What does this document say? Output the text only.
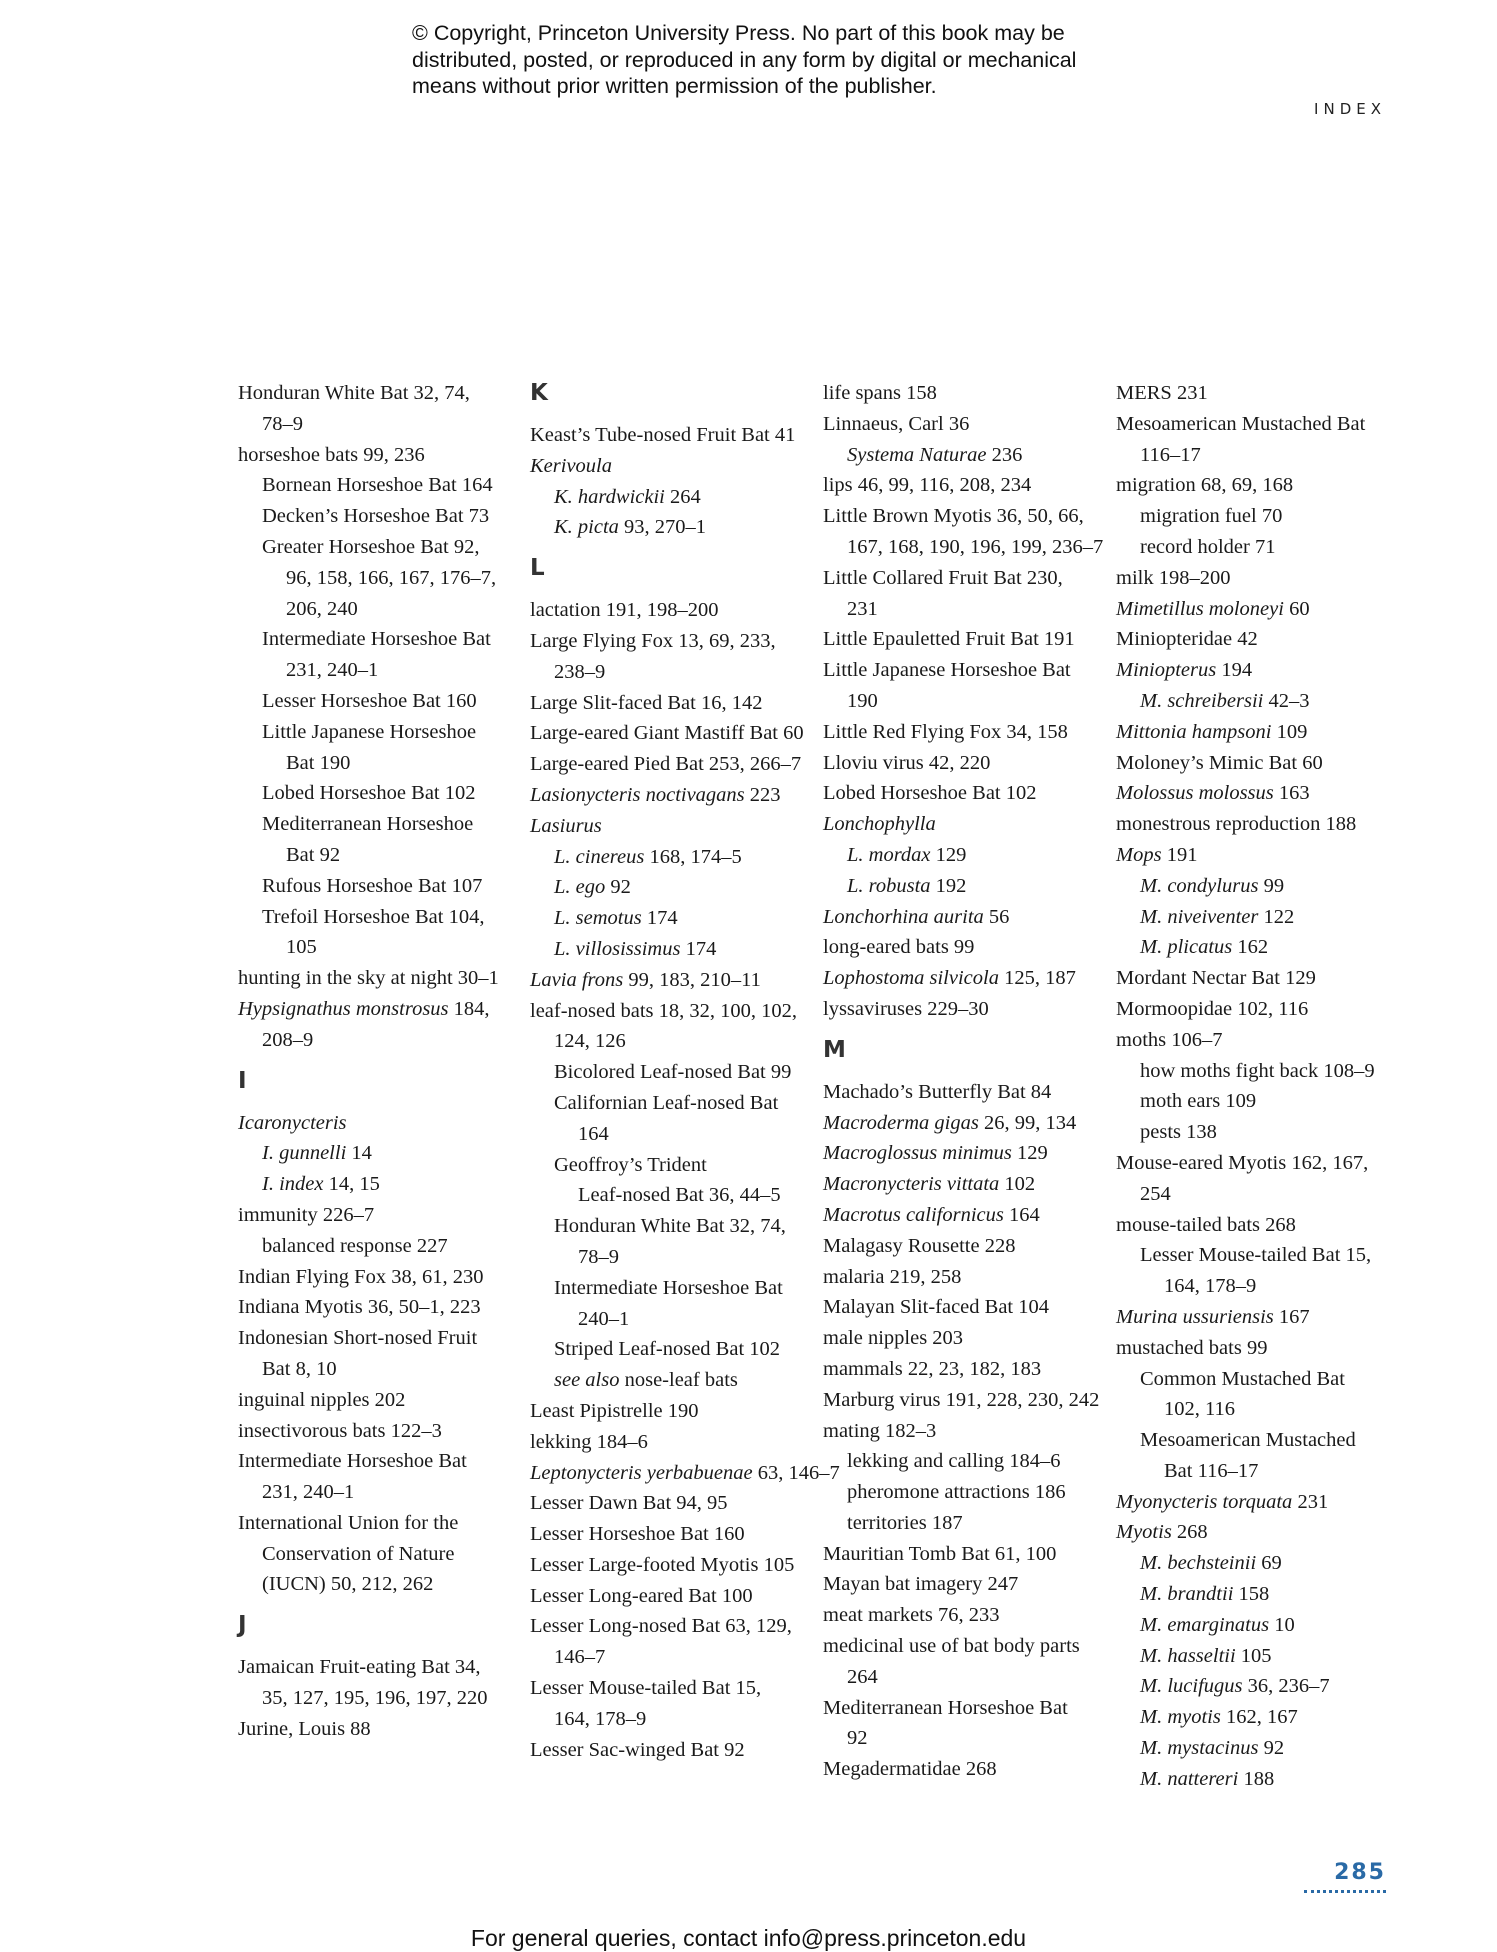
© Copyright, Princeton University Press. No part of this book may be
distributed, posted, or reproduced in any form by digital or mechanical
means without prior written permission of the publisher.
INDEX
Honduran White Bat 32, 74,
78–9
horseshoe bats 99, 236
Bornean Horseshoe Bat 164
Decken’s Horseshoe Bat 73
Greater Horseshoe Bat 92,
96, 158, 166, 167, 176–7,
206, 240
Intermediate Horseshoe Bat
231, 240–1
Lesser Horseshoe Bat 160
Little Japanese Horseshoe
Bat 190
Lobed Horseshoe Bat 102
Mediterranean Horseshoe
Bat 92
Rufous Horseshoe Bat 107
Trefoil Horseshoe Bat 104,
105
hunting in the sky at night 30–1
Hypsignathus monstrosus 184,
208–9
I
Icaronycteris
I. gunnelli 14
I. index 14, 15
immunity 226–7
balanced response 227
Indian Flying Fox 38, 61, 230
Indiana Myotis 36, 50–1, 223
Indonesian Short-nosed Fruit
Bat 8, 10
inguinal nipples 202
insectivorous bats 122–3
Intermediate Horseshoe Bat
231, 240–1
International Union for the
Conservation of Nature
(IUCN) 50, 212, 262
J
Jamaican Fruit-eating Bat 34,
35, 127, 195, 196, 197, 220
Jurine, Louis 88
K
Keast’s Tube-nosed Fruit Bat 41
Kerivoula
K. hardwickii 264
K. picta 93, 270–1
L
lactation 191, 198–200
Large Flying Fox 13, 69, 233,
238–9
Large Slit-faced Bat 16, 142
Large-eared Giant Mastiff Bat 60
Large-eared Pied Bat 253, 266–7
Lasionycteris noctivagans 223
Lasiurus
L. cinereus 168, 174–5
L. ego 92
L. semotus 174
L. villosissimus 174
Lavia frons 99, 183, 210–11
leaf-nosed bats 18, 32, 100, 102,
124, 126
Bicolored Leaf-nosed Bat 99
Californian Leaf-nosed Bat
164
Geoffroy’s Trident
Leaf-nosed Bat 36, 44–5
Honduran White Bat 32, 74,
78–9
Intermediate Horseshoe Bat
240–1
Striped Leaf-nosed Bat 102
see also nose-leaf bats
Least Pipistrelle 190
lekking 184–6
Leptonycteris yerbabuenae 63, 146–7
Lesser Dawn Bat 94, 95
Lesser Horseshoe Bat 160
Lesser Large-footed Myotis 105
Lesser Long-eared Bat 100
Lesser Long-nosed Bat 63, 129,
146–7
Lesser Mouse-tailed Bat 15,
164, 178–9
Lesser Sac-winged Bat 92
life spans 158
Linnaeus, Carl 36
Systema Naturae 236
lips 46, 99, 116, 208, 234
Little Brown Myotis 36, 50, 66,
167, 168, 190, 196, 199, 236–7
Little Collared Fruit Bat 230,
231
Little Epauletted Fruit Bat 191
Little Japanese Horseshoe Bat
190
Little Red Flying Fox 34, 158
Lloviu virus 42, 220
Lobed Horseshoe Bat 102
Lonchophylla
L. mordax 129
L. robusta 192
Lonchorhina aurita 56
long-eared bats 99
Lophostoma silvicola 125, 187
lyssaviruses 229–30
M
Machado’s Butterfly Bat 84
Macroderma gigas 26, 99, 134
Macroglossus minimus 129
Macronycteris vittata 102
Macrotus californicus 164
Malagasy Rousette 228
malaria 219, 258
Malayan Slit-faced Bat 104
male nipples 203
mammals 22, 23, 182, 183
Marburg virus 191, 228, 230, 242
mating 182–3
lekking and calling 184–6
pheromone attractions 186
territories 187
Mauritian Tomb Bat 61, 100
Mayan bat imagery 247
meat markets 76, 233
medicinal use of bat body parts
264
Mediterranean Horseshoe Bat
92
Megadermatidae 268
MERS 231
Mesoamerican Mustached Bat
116–17
migration 68, 69, 168
migration fuel 70
record holder 71
milk 198–200
Mimetillus moloneyi 60
Miniopteridae 42
Miniopterus 194
M. schreibersii 42–3
Mittonia hampsoni 109
Moloney’s Mimic Bat 60
Molossus molossus 163
monestrous reproduction 188
Mops 191
M. condylurus 99
M. niveiventer 122
M. plicatus 162
Mordant Nectar Bat 129
Mormoopidae 102, 116
moths 106–7
how moths fight back 108–9
moth ears 109
pests 138
Mouse-eared Myotis 162, 167,
254
mouse-tailed bats 268
Lesser Mouse-tailed Bat 15,
164, 178–9
Murina ussuriensis 167
mustached bats 99
Common Mustached Bat
102, 116
Mesoamerican Mustached
Bat 116–17
Myonycteris torquata 231
Myotis 268
M. bechsteinii 69
M. brandtii 158
M. emarginatus 10
M. hasseltii 105
M. lucifugus 36, 236–7
M. myotis 162, 167
M. mystacinus 92
M. nattereri 188
285
For general queries, contact info@press.princeton.edu
